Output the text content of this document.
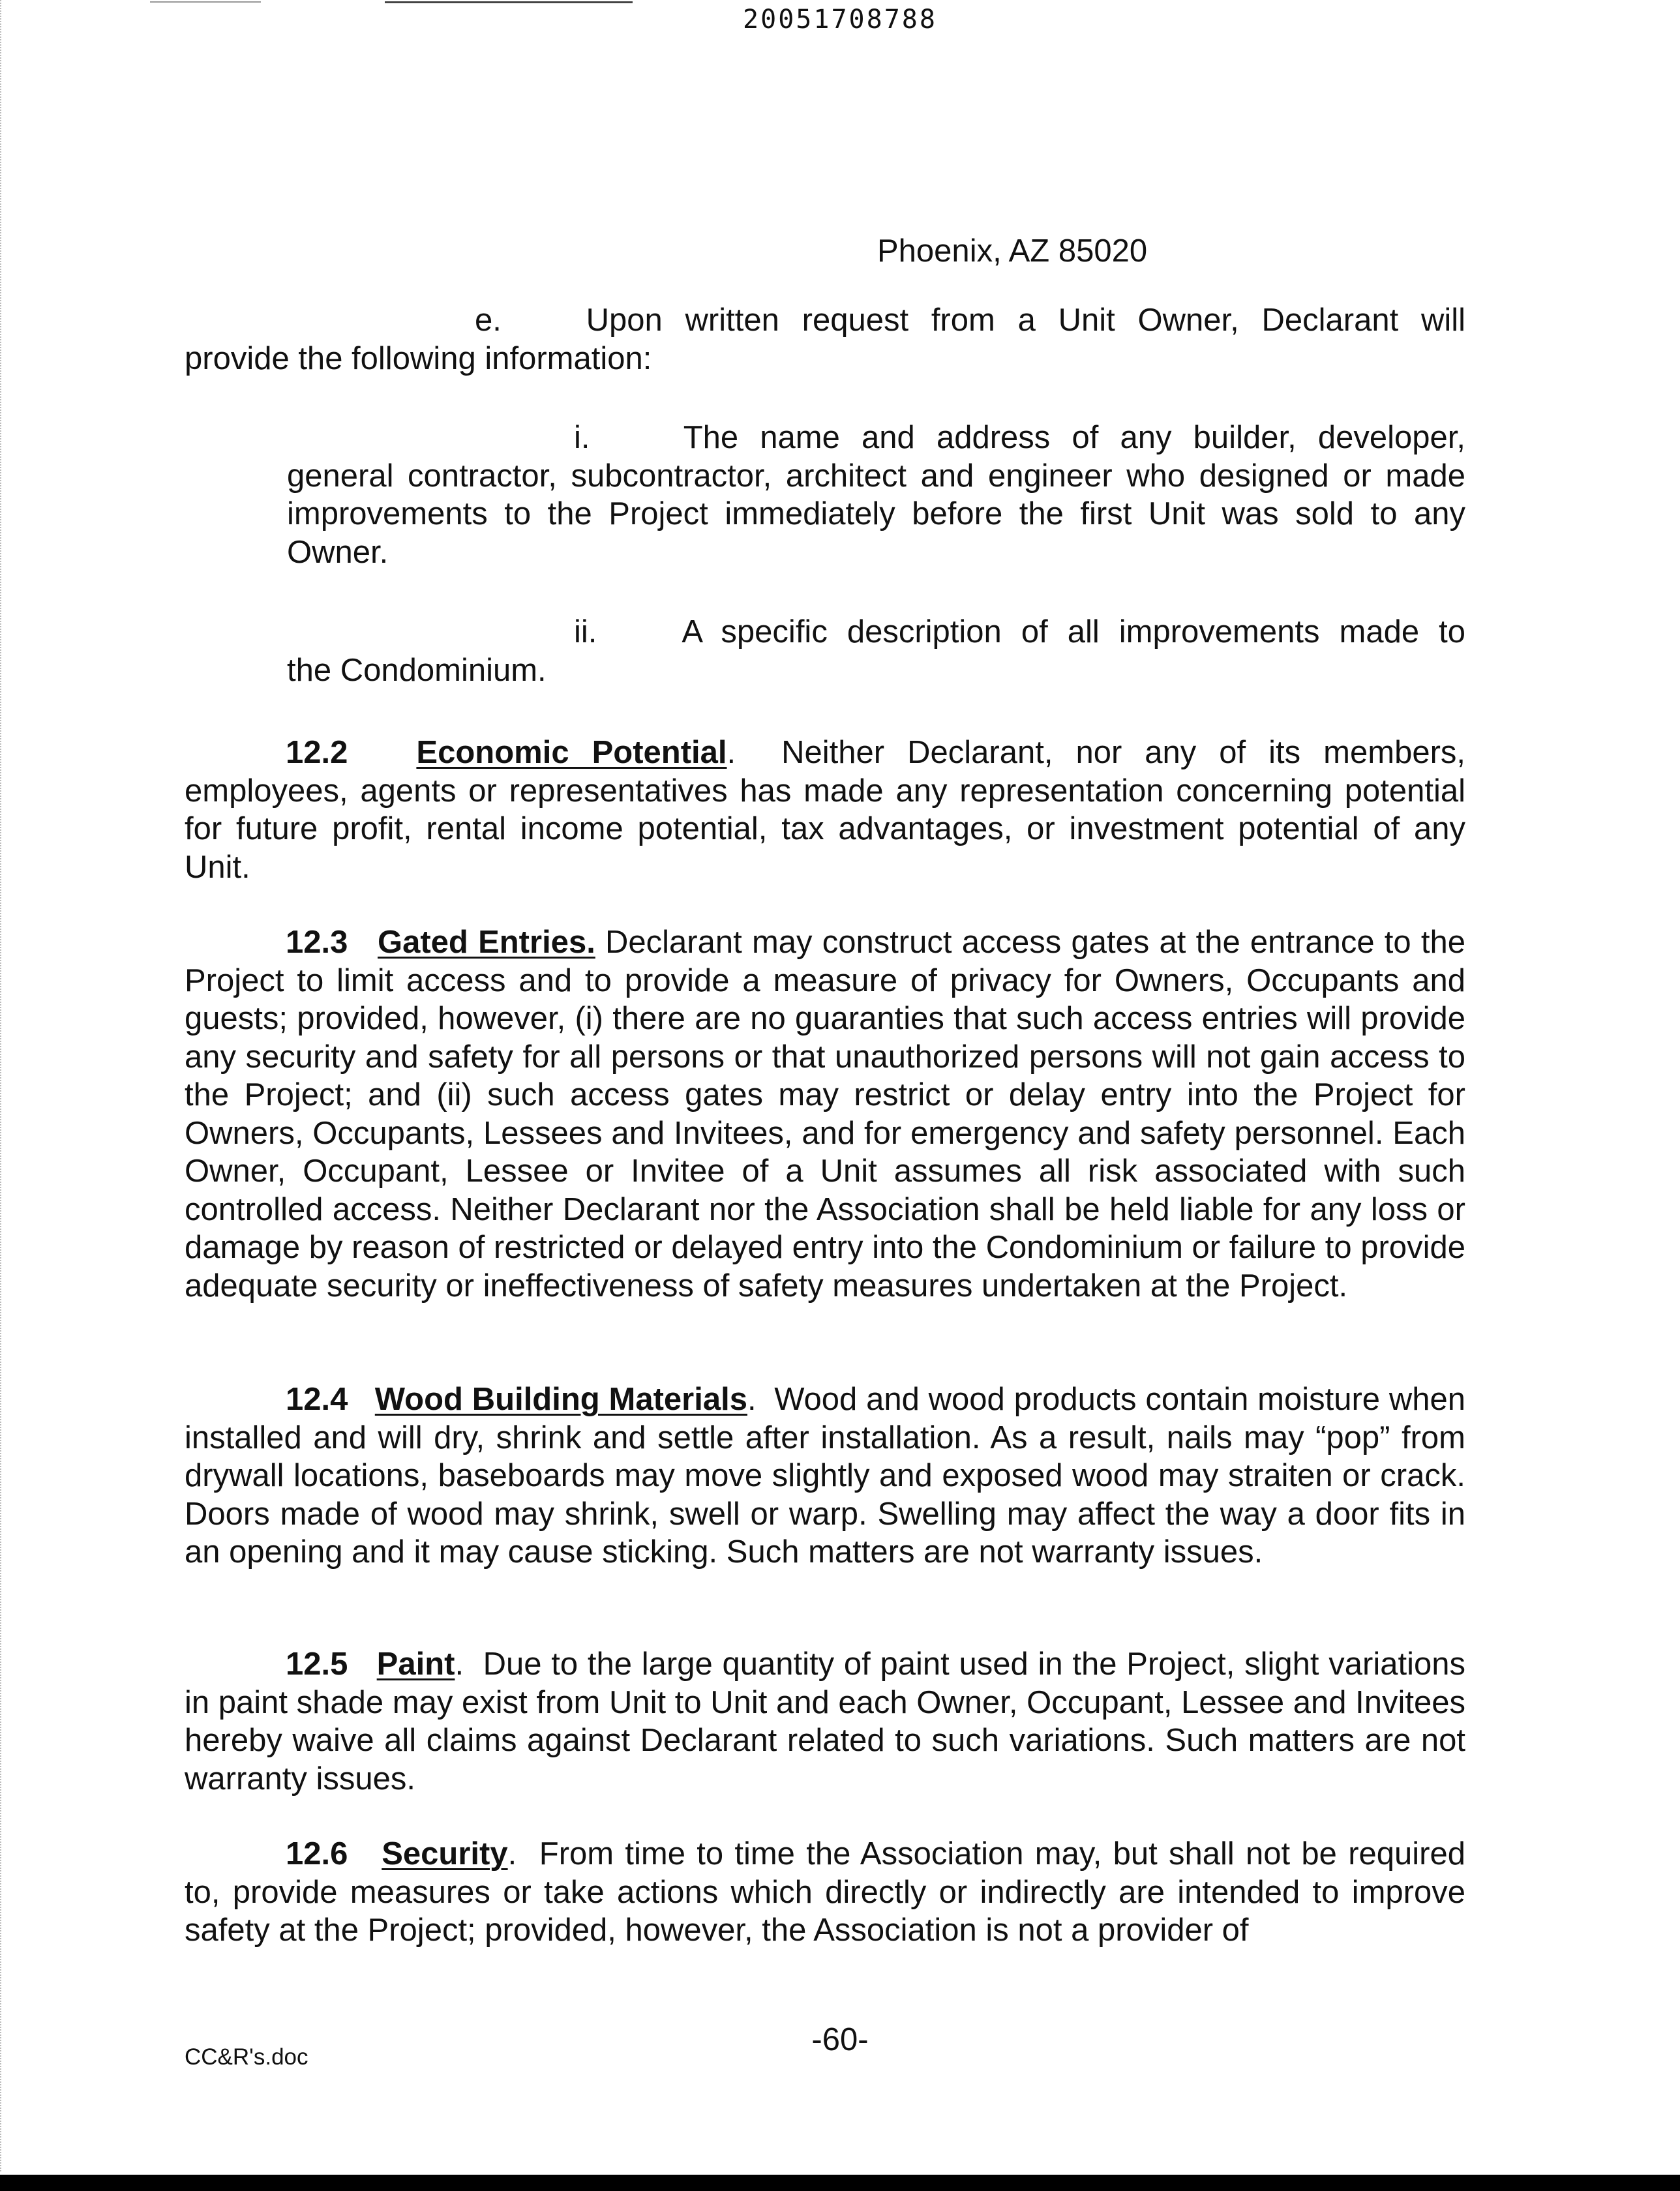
20051708788
Phoenix, AZ 85020
e.	Upon written request from a Unit Owner, Declarant will
provide the following information:
i.	The name and address of any builder, developer,
general contractor, subcontractor, architect and engineer who designed or made improvements to the Project immediately before the first Unit was sold to any Owner.
ii.	A specific description of all improvements made to
the Condominium.
12.2 Economic Potential. Neither Declarant, nor any of its members, employees, agents or representatives has made any representation concerning potential for future profit, rental income potential, tax advantages, or investment potential of any Unit.
12.3 Gated Entries. Declarant may construct access gates at the entrance to the Project to limit access and to provide a measure of privacy for Owners, Occupants and guests; provided, however, (i) there are no guaranties that such access entries will provide any security and safety for all persons or that unauthorized persons will not gain access to the Project; and (ii) such access gates may restrict or delay entry into the Project for Owners, Occupants, Lessees and Invitees, and for emergency and safety personnel. Each Owner, Occupant, Lessee or Invitee of a Unit assumes all risk associated with such controlled access. Neither Declarant nor the Association shall be held liable for any loss or damage by reason of restricted or delayed entry into the Condominium or failure to provide adequate security or ineffectiveness of safety measures undertaken at the Project.
12.4 Wood Building Materials. Wood and wood products contain moisture when installed and will dry, shrink and settle after installation. As a result, nails may “pop” from drywall locations, baseboards may move slightly and exposed wood may straiten or crack. Doors made of wood may shrink, swell or warp. Swelling may affect the way a door fits in an opening and it may cause sticking. Such matters are not warranty issues.
12.5 Paint. Due to the large quantity of paint used in the Project, slight variations in paint shade may exist from Unit to Unit and each Owner, Occupant, Lessee and Invitees hereby waive all claims against Declarant related to such variations. Such matters are not warranty issues.
12.6 Security. From time to time the Association may, but shall not be required to, provide measures or take actions which directly or indirectly are intended to improve safety at the Project; provided, however, the Association is not a provider of
-60-
CC&R's.doc
